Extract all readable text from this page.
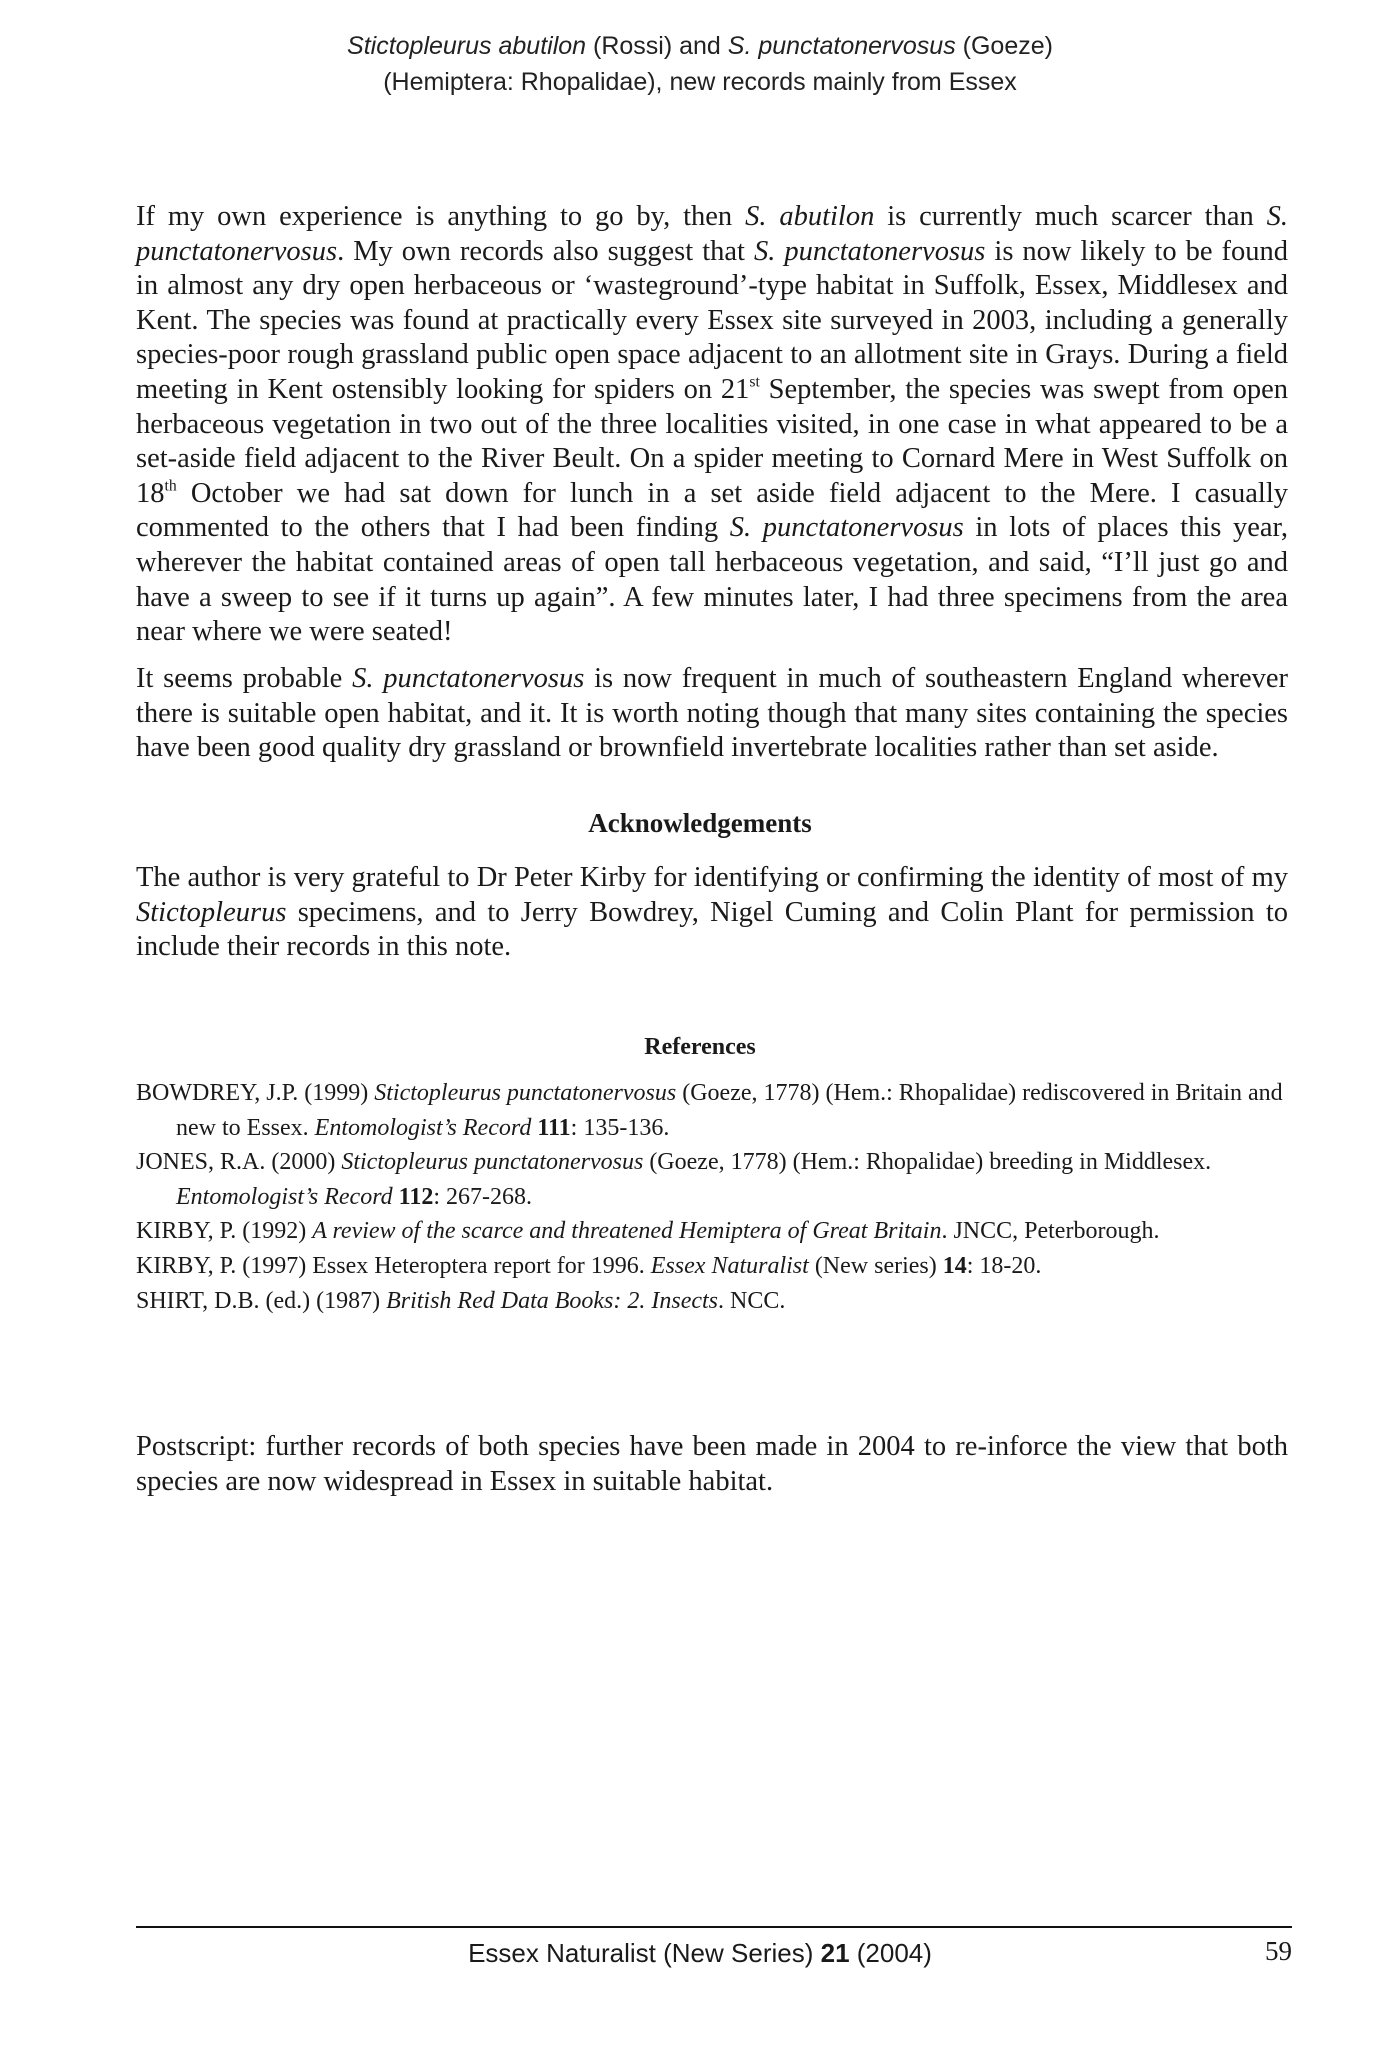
Stictopleurus abutilon (Rossi) and S. punctatonervosus (Goeze)
(Hemiptera: Rhopalidae), new records mainly from Essex

If my own experience is anything to go by, then S. abutilon is currently much scarcer than S. punctatonervosus. My own records also suggest that S. punctatonervosus is now likely to be found in almost any dry open herbaceous or ‘wasteground’-type habitat in Suffolk, Essex, Middlesex and Kent. The species was found at practically every Essex site surveyed in 2003, including a generally species-poor rough grassland public open space adjacent to an allotment site in Grays. During a field meeting in Kent ostensibly looking for spiders on 21st September, the species was swept from open herbaceous vegetation in two out of the three localities visited, in one case in what appeared to be a set-aside field adjacent to the River Beult. On a spider meeting to Cornard Mere in West Suffolk on 18th October we had sat down for lunch in a set aside field adjacent to the Mere. I casually commented to the others that I had been finding S. punctatonervosus in lots of places this year, wherever the habitat contained areas of open tall herbaceous vegetation, and said, “I’ll just go and have a sweep to see if it turns up again”. A few minutes later, I had three specimens from the area near where we were seated!

It seems probable S. punctatonervosus is now frequent in much of southeastern England wherever there is suitable open habitat, and it. It is worth noting though that many sites containing the species have been good quality dry grassland or brownfield invertebrate localities rather than set aside.

Acknowledgements

The author is very grateful to Dr Peter Kirby for identifying or confirming the identity of most of my Stictopleurus specimens, and to Jerry Bowdrey, Nigel Cuming and Colin Plant for permission to include their records in this note.

References

BOWDREY, J.P. (1999) Stictopleurus punctatonervosus (Goeze, 1778) (Hem.: Rhopalidae) rediscovered in Britain and new to Essex. Entomologist’s Record 111: 135-136.

JONES, R.A. (2000) Stictopleurus punctatonervosus (Goeze, 1778) (Hem.: Rhopalidae) breeding in Middlesex. Entomologist’s Record 112: 267-268.

KIRBY, P. (1992) A review of the scarce and threatened Hemiptera of Great Britain. JNCC, Peterborough.

KIRBY, P. (1997) Essex Heteroptera report for 1996. Essex Naturalist (New series) 14: 18-20.

SHIRT, D.B. (ed.) (1987) British Red Data Books: 2. Insects. NCC.

Postscript: further records of both species have been made in 2004 to re-inforce the view that both species are now widespread in Essex in suitable habitat.

Essex Naturalist (New Series) 21 (2004)	59
